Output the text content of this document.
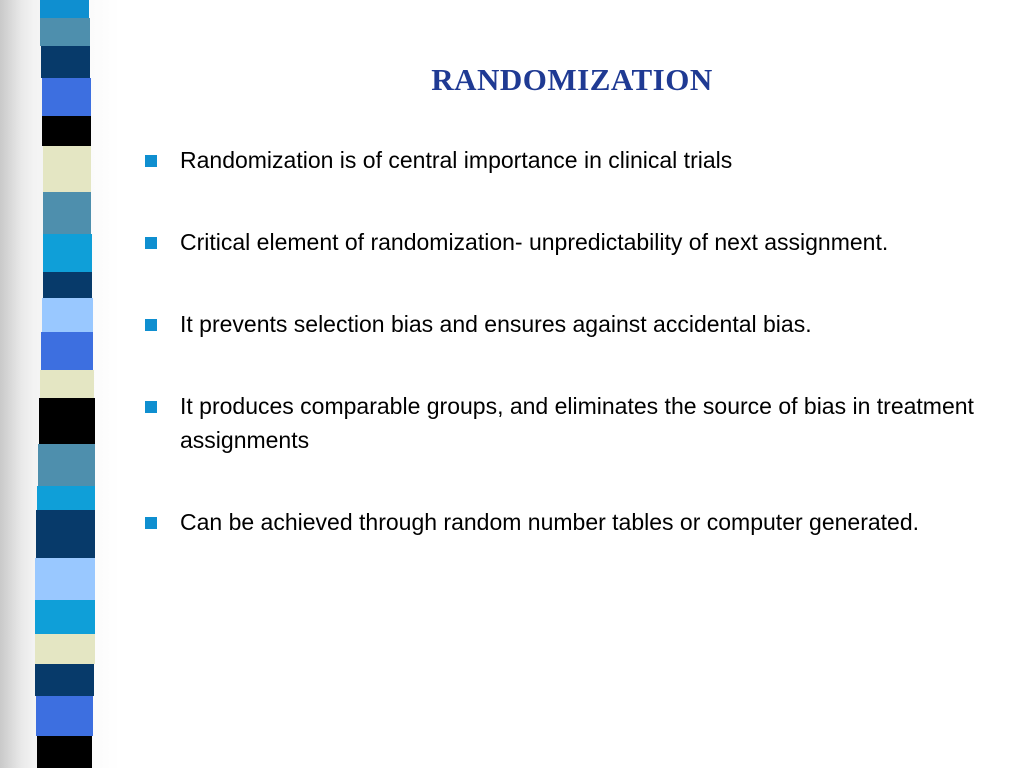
RANDOMIZATION
Randomization is of central importance in clinical trials
Critical element of randomization- unpredictability of next assignment.
It prevents selection bias and ensures against accidental bias.
It produces comparable groups, and eliminates the source of bias in treatment assignments
Can be achieved through random number tables or computer generated.
